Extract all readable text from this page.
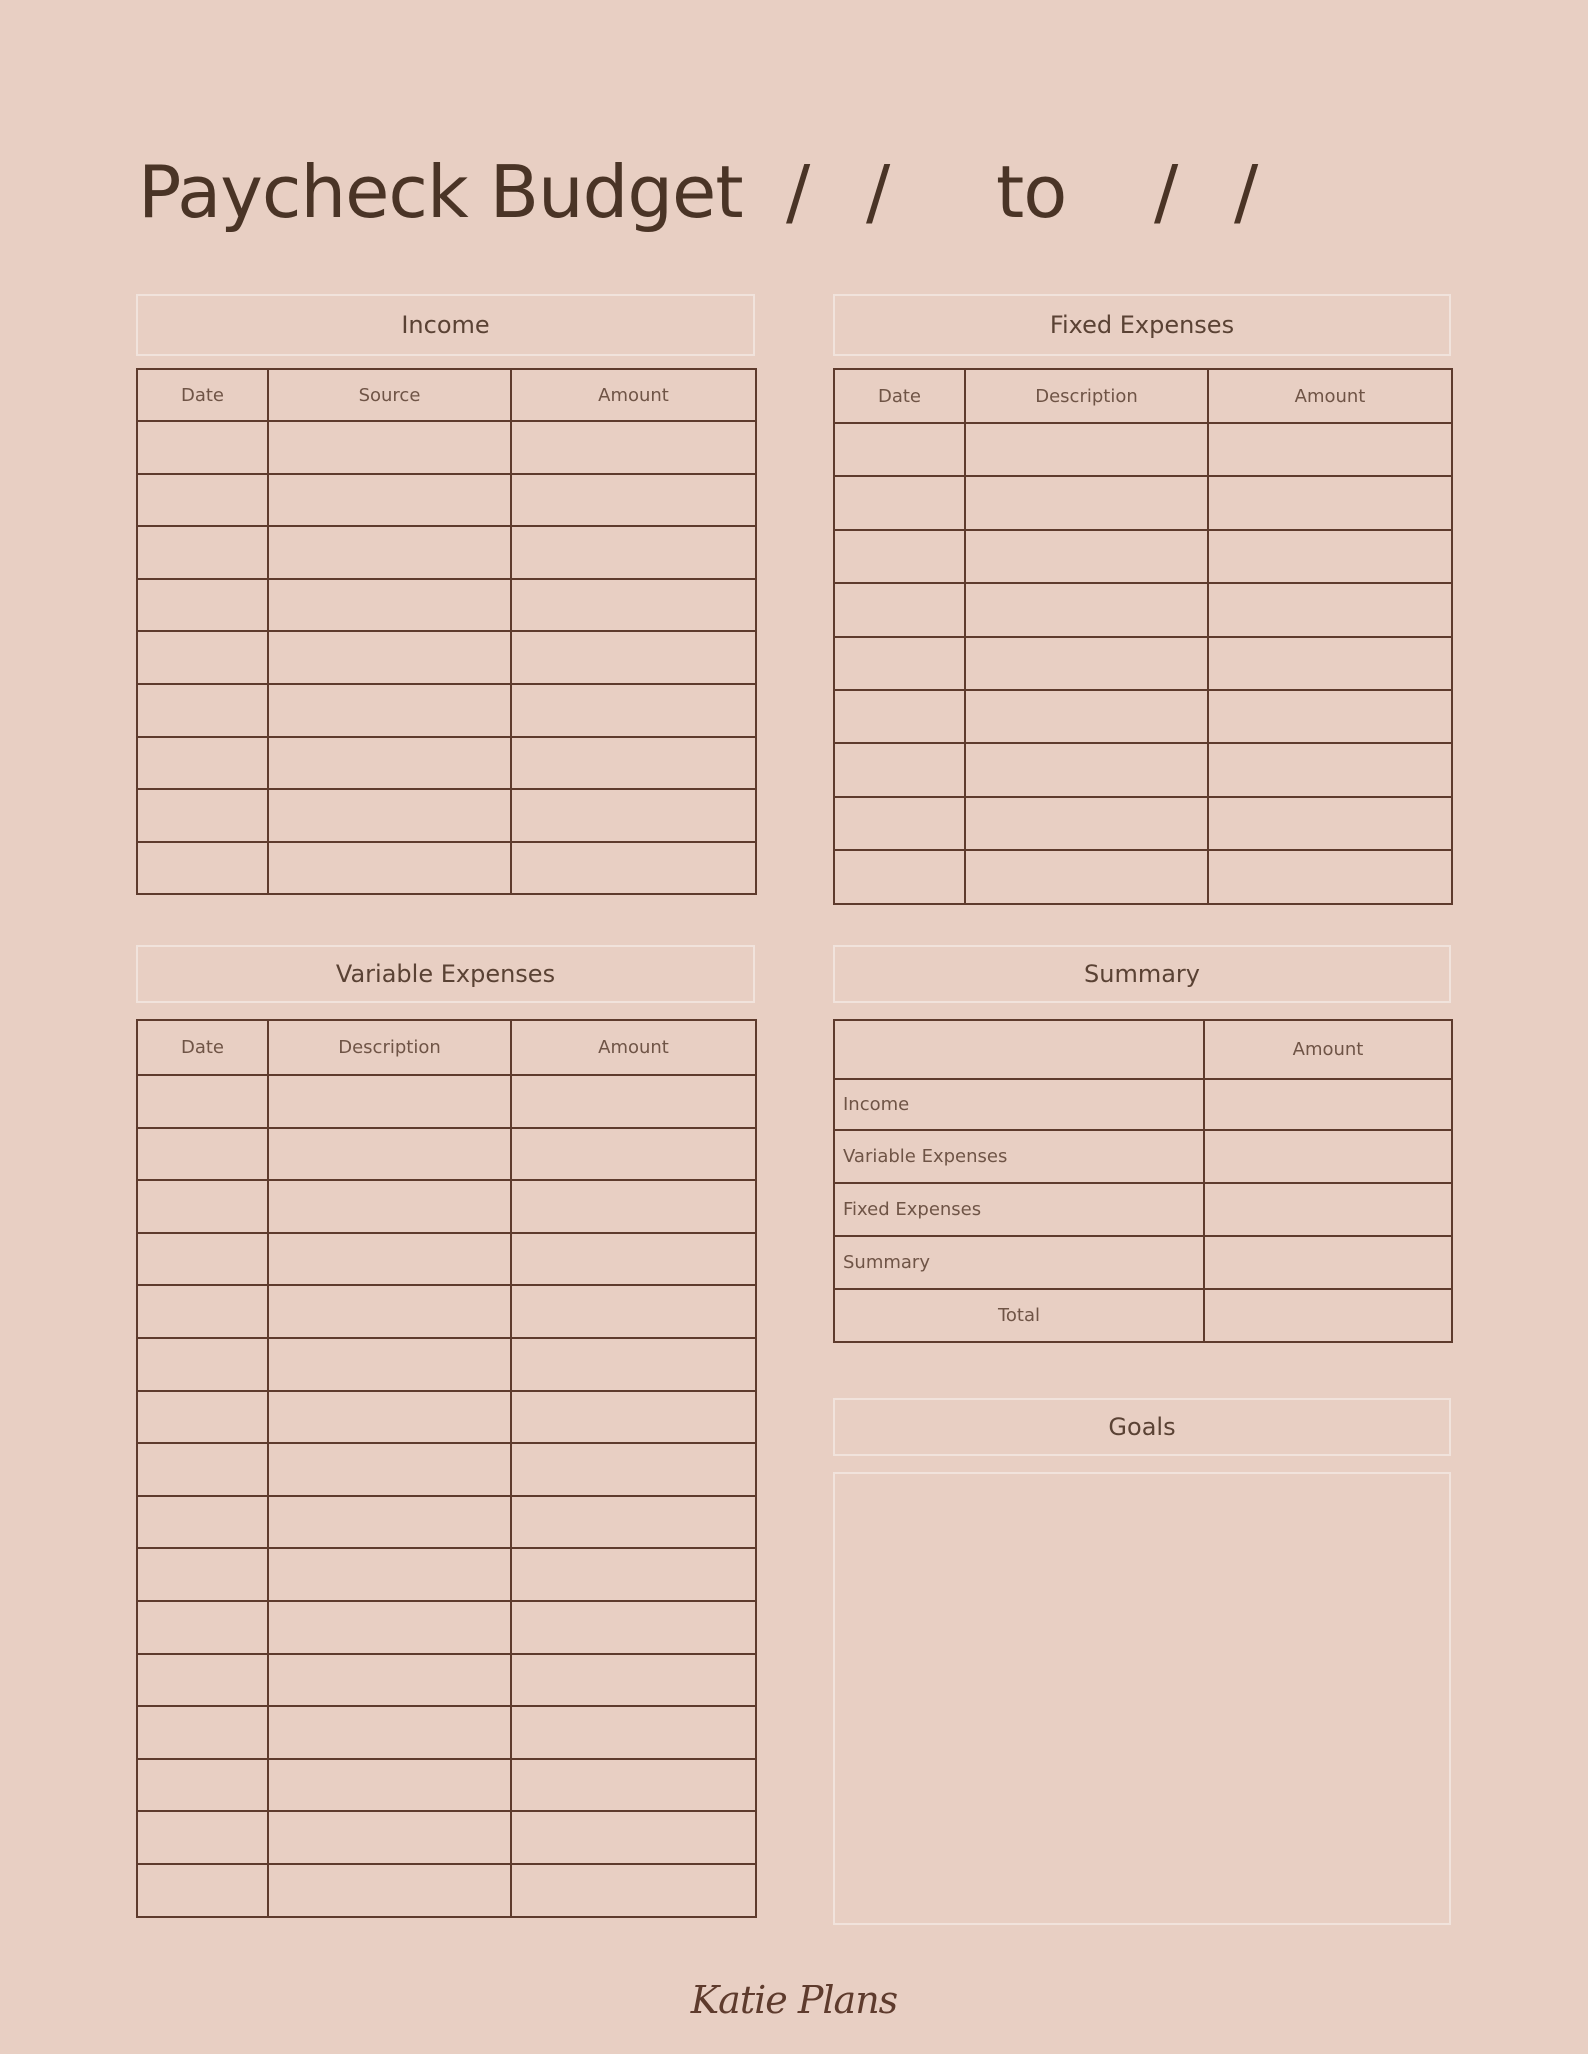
Paycheck Budget

/

/

to

/

/

Income
Date	Source	Amount

Fixed Expenses
Date	Description	Amount

Variable Expenses
Date	Description	Amount

Summary
	Amount
Income	
Variable Expenses	
Fixed Expenses	
Summary	
Total	
Goals
Katie Plans
